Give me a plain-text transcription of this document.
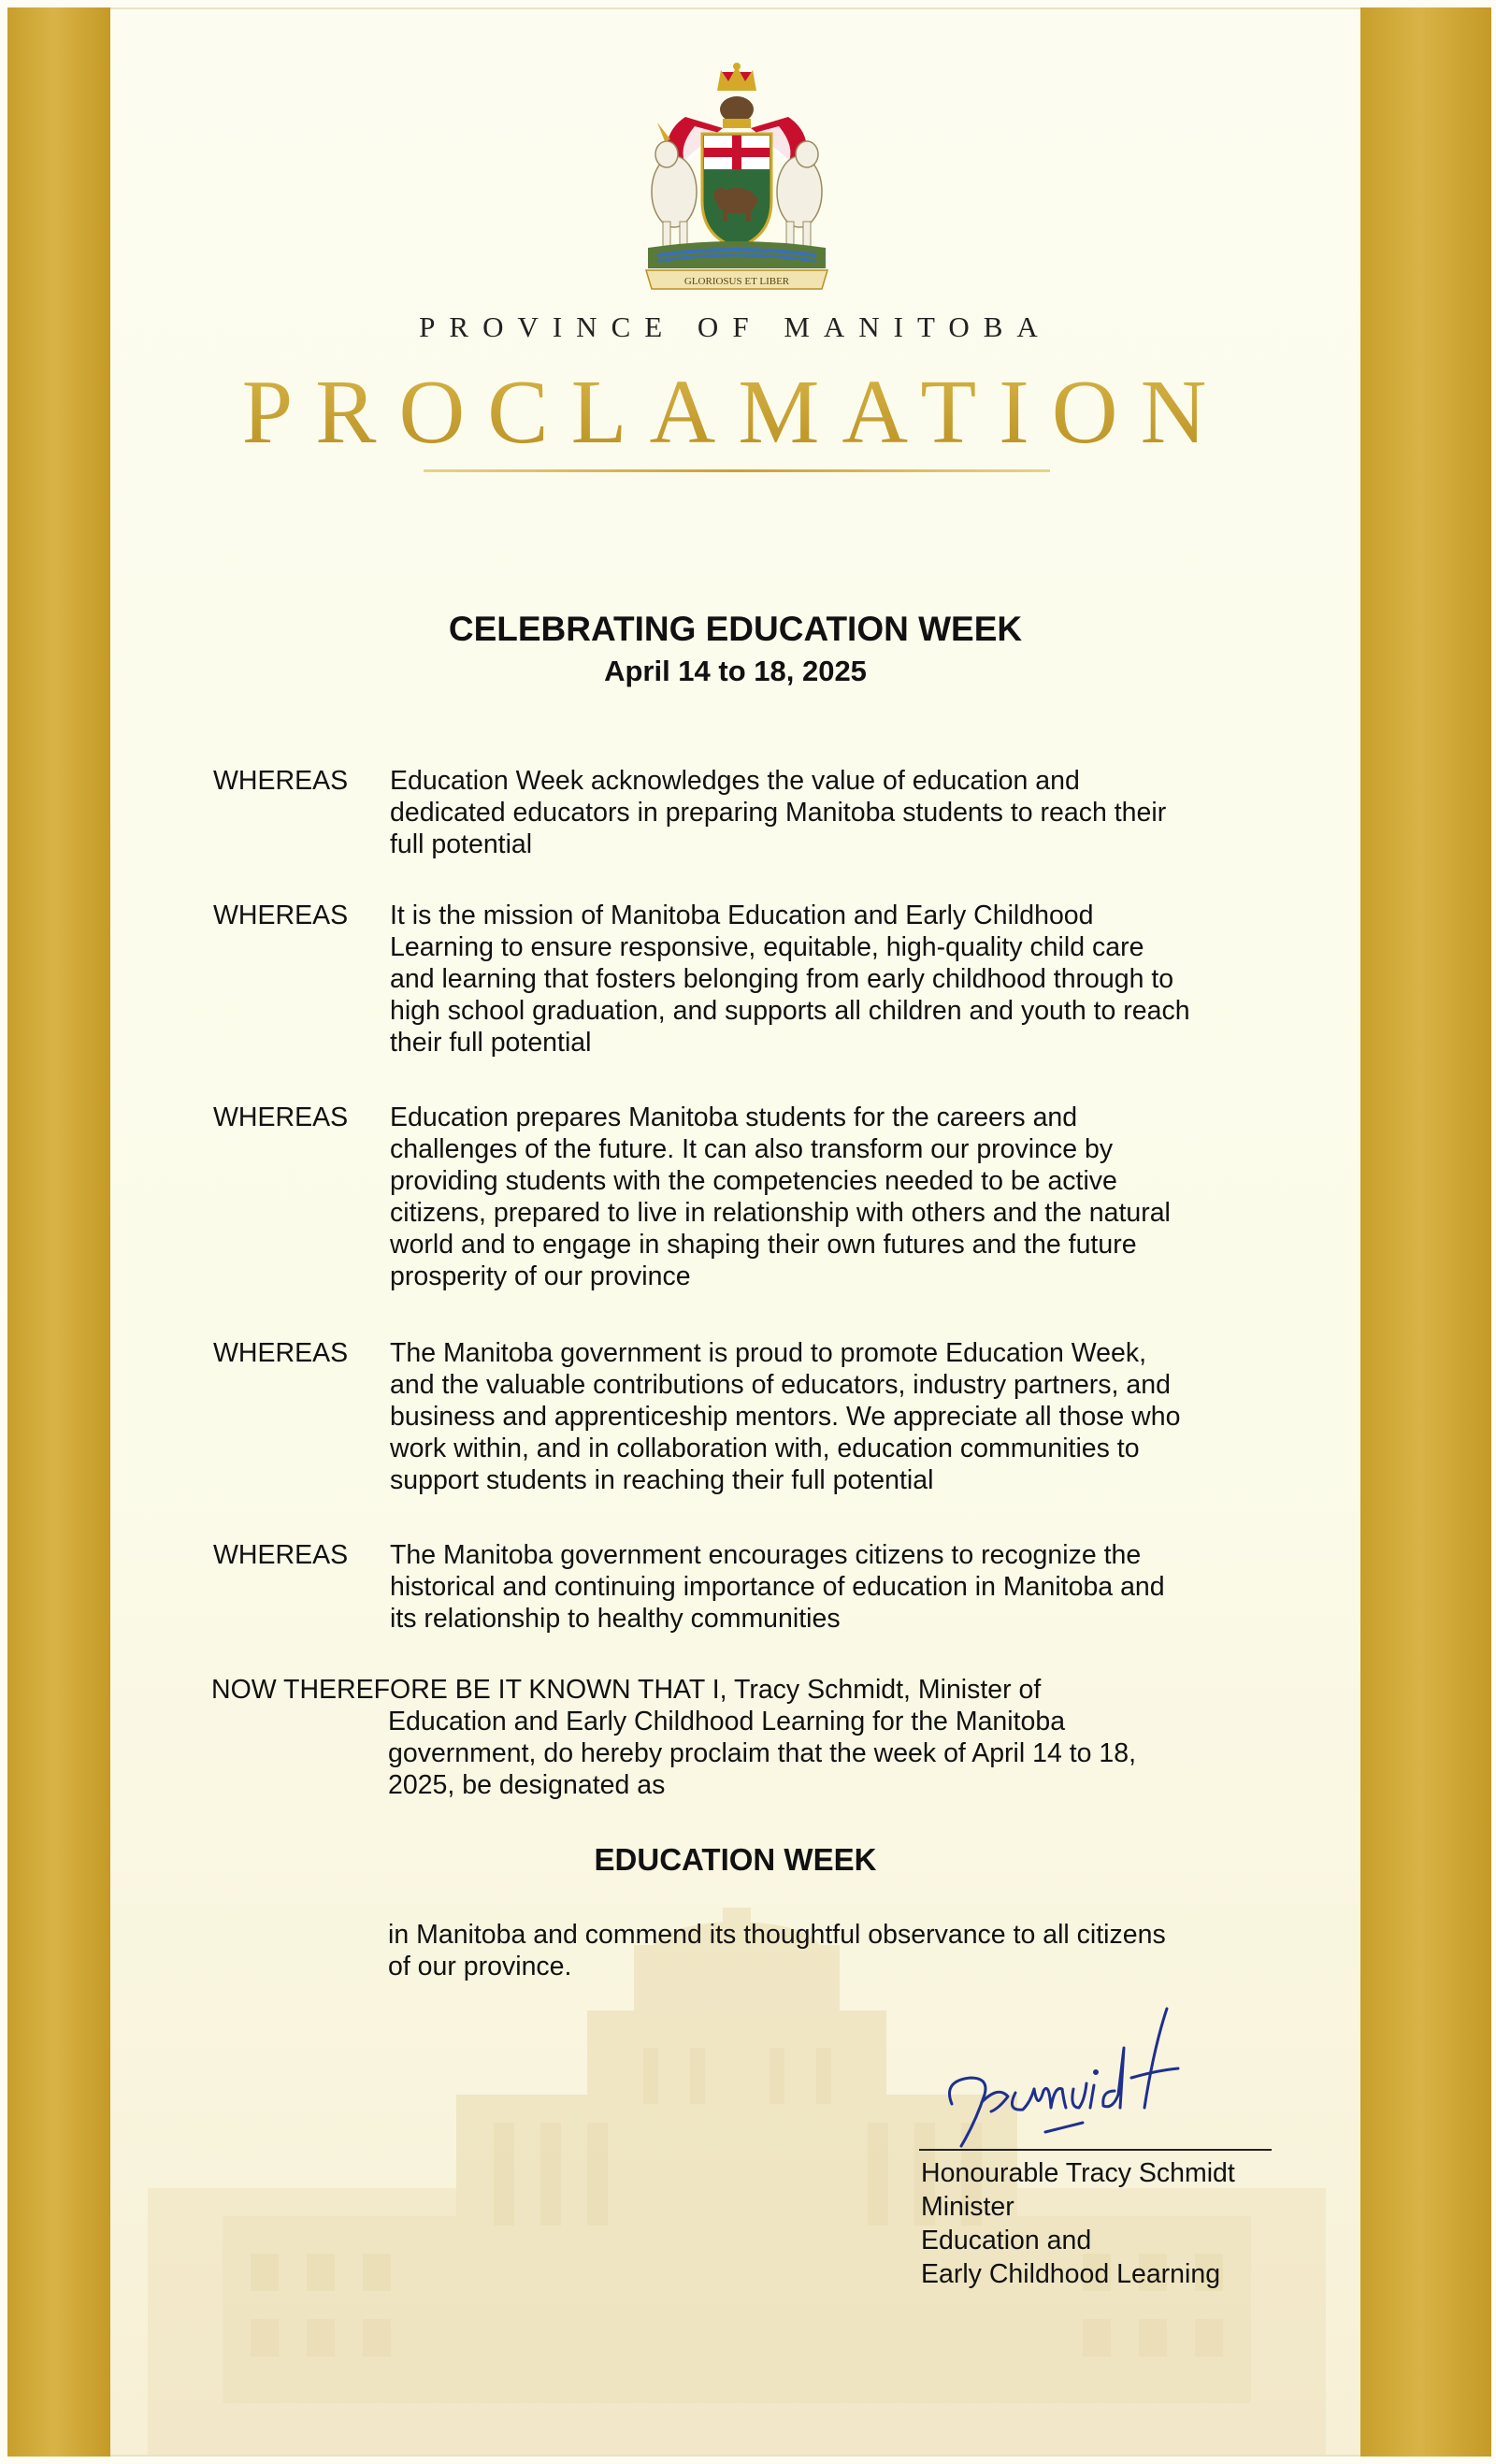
GLORIOSUS ET LIBER
PROVINCE OF MANITOBA
PROCLAMATION
CELEBRATING EDUCATION WEEK
April 14 to 18, 2025
WHEREAS Education Week acknowledges the value of education and
dedicated educators in preparing Manitoba students to reach their
full potential
WHEREAS It is the mission of Manitoba Education and Early Childhood
Learning to ensure responsive, equitable, high-quality child care
and learning that fosters belonging from early childhood through to
high school graduation, and supports all children and youth to reach
their full potential
WHEREAS Education prepares Manitoba students for the careers and
challenges of the future. It can also transform our province by
providing students with the competencies needed to be active
citizens, prepared to live in relationship with others and the natural
world and to engage in shaping their own futures and the future
prosperity of our province
WHEREAS The Manitoba government is proud to promote Education Week,
and the valuable contributions of educators, industry partners, and
business and apprenticeship mentors. We appreciate all those who
work within, and in collaboration with, education communities to
support students in reaching their full potential
WHEREAS The Manitoba government encourages citizens to recognize the
historical and continuing importance of education in Manitoba and
its relationship to healthy communities
NOW THEREFORE BE IT KNOWN THAT I, Tracy Schmidt, Minister of
Education and Early Childhood Learning for the Manitoba
government, do hereby proclaim that the week of April 14 to 18,
2025, be designated as
EDUCATION WEEK
in Manitoba and commend its thoughtful observance to all citizens
of our province.
Honourable Tracy Schmidt
Minister
Education and
Early Childhood Learning
